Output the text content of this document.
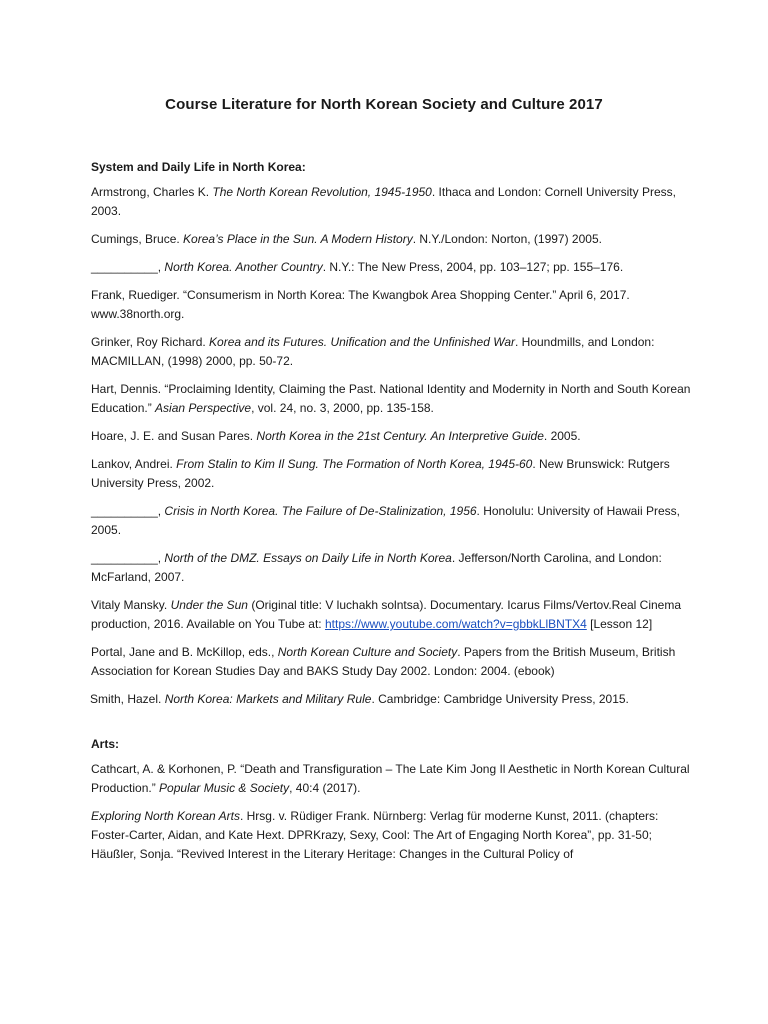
Course Literature for North Korean Society and Culture 2017
System and Daily Life in North Korea:
Armstrong, Charles K. The North Korean Revolution, 1945-1950. Ithaca and London: Cornell University Press, 2003.
Cumings, Bruce. Korea’s Place in the Sun. A Modern History. N.Y./London: Norton, (1997) 2005.
__________, North Korea. Another Country. N.Y.: The New Press, 2004, pp. 103–127; pp. 155–176.
Frank, Ruediger. “Consumerism in North Korea: The Kwangbok Area Shopping Center.” April 6, 2017. www.38north.org.
Grinker, Roy Richard. Korea and its Futures. Unification and the Unfinished War. Houndmills, and London: MACMILLAN, (1998) 2000, pp. 50-72.
Hart, Dennis. “Proclaiming Identity, Claiming the Past. National Identity and Modernity in North and South Korean Education.” Asian Perspective, vol. 24, no. 3, 2000, pp. 135-158.
Hoare, J. E. and Susan Pares. North Korea in the 21st Century. An Interpretive Guide. 2005.
Lankov, Andrei. From Stalin to Kim Il Sung. The Formation of North Korea, 1945-60. New Brunswick: Rutgers University Press, 2002.
__________, Crisis in North Korea. The Failure of De-Stalinization, 1956. Honolulu: University of Hawaii Press, 2005.
__________, North of the DMZ. Essays on Daily Life in North Korea. Jefferson/North Carolina, and London: McFarland, 2007.
Vitaly Mansky. Under the Sun (Original title: V luchakh solntsa). Documentary. Icarus Films/Vertov.Real Cinema production, 2016. Available on You Tube at: https://www.youtube.com/watch?v=gbbkLlBNTX4 [Lesson 12]
Portal, Jane and B. McKillop, eds., North Korean Culture and Society. Papers from the British Museum, British Association for Korean Studies Day and BAKS Study Day 2002. London: 2004. (ebook)
Smith, Hazel. North Korea: Markets and Military Rule. Cambridge: Cambridge University Press, 2015.
Arts:
Cathcart, A. & Korhonen, P. “Death and Transfiguration – The Late Kim Jong Il Aesthetic in North Korean Cultural Production.” Popular Music & Society, 40:4 (2017).
Exploring North Korean Arts. Hrsg. v. Rüdiger Frank. Nürnberg: Verlag für moderne Kunst, 2011. (chapters: Foster-Carter, Aidan, and Kate Hext. DPRKrazy, Sexy, Cool: The Art of Engaging North Korea”, pp. 31-50; Häußler, Sonja. “Revived Interest in the Literary Heritage: Changes in the Cultural Policy of
